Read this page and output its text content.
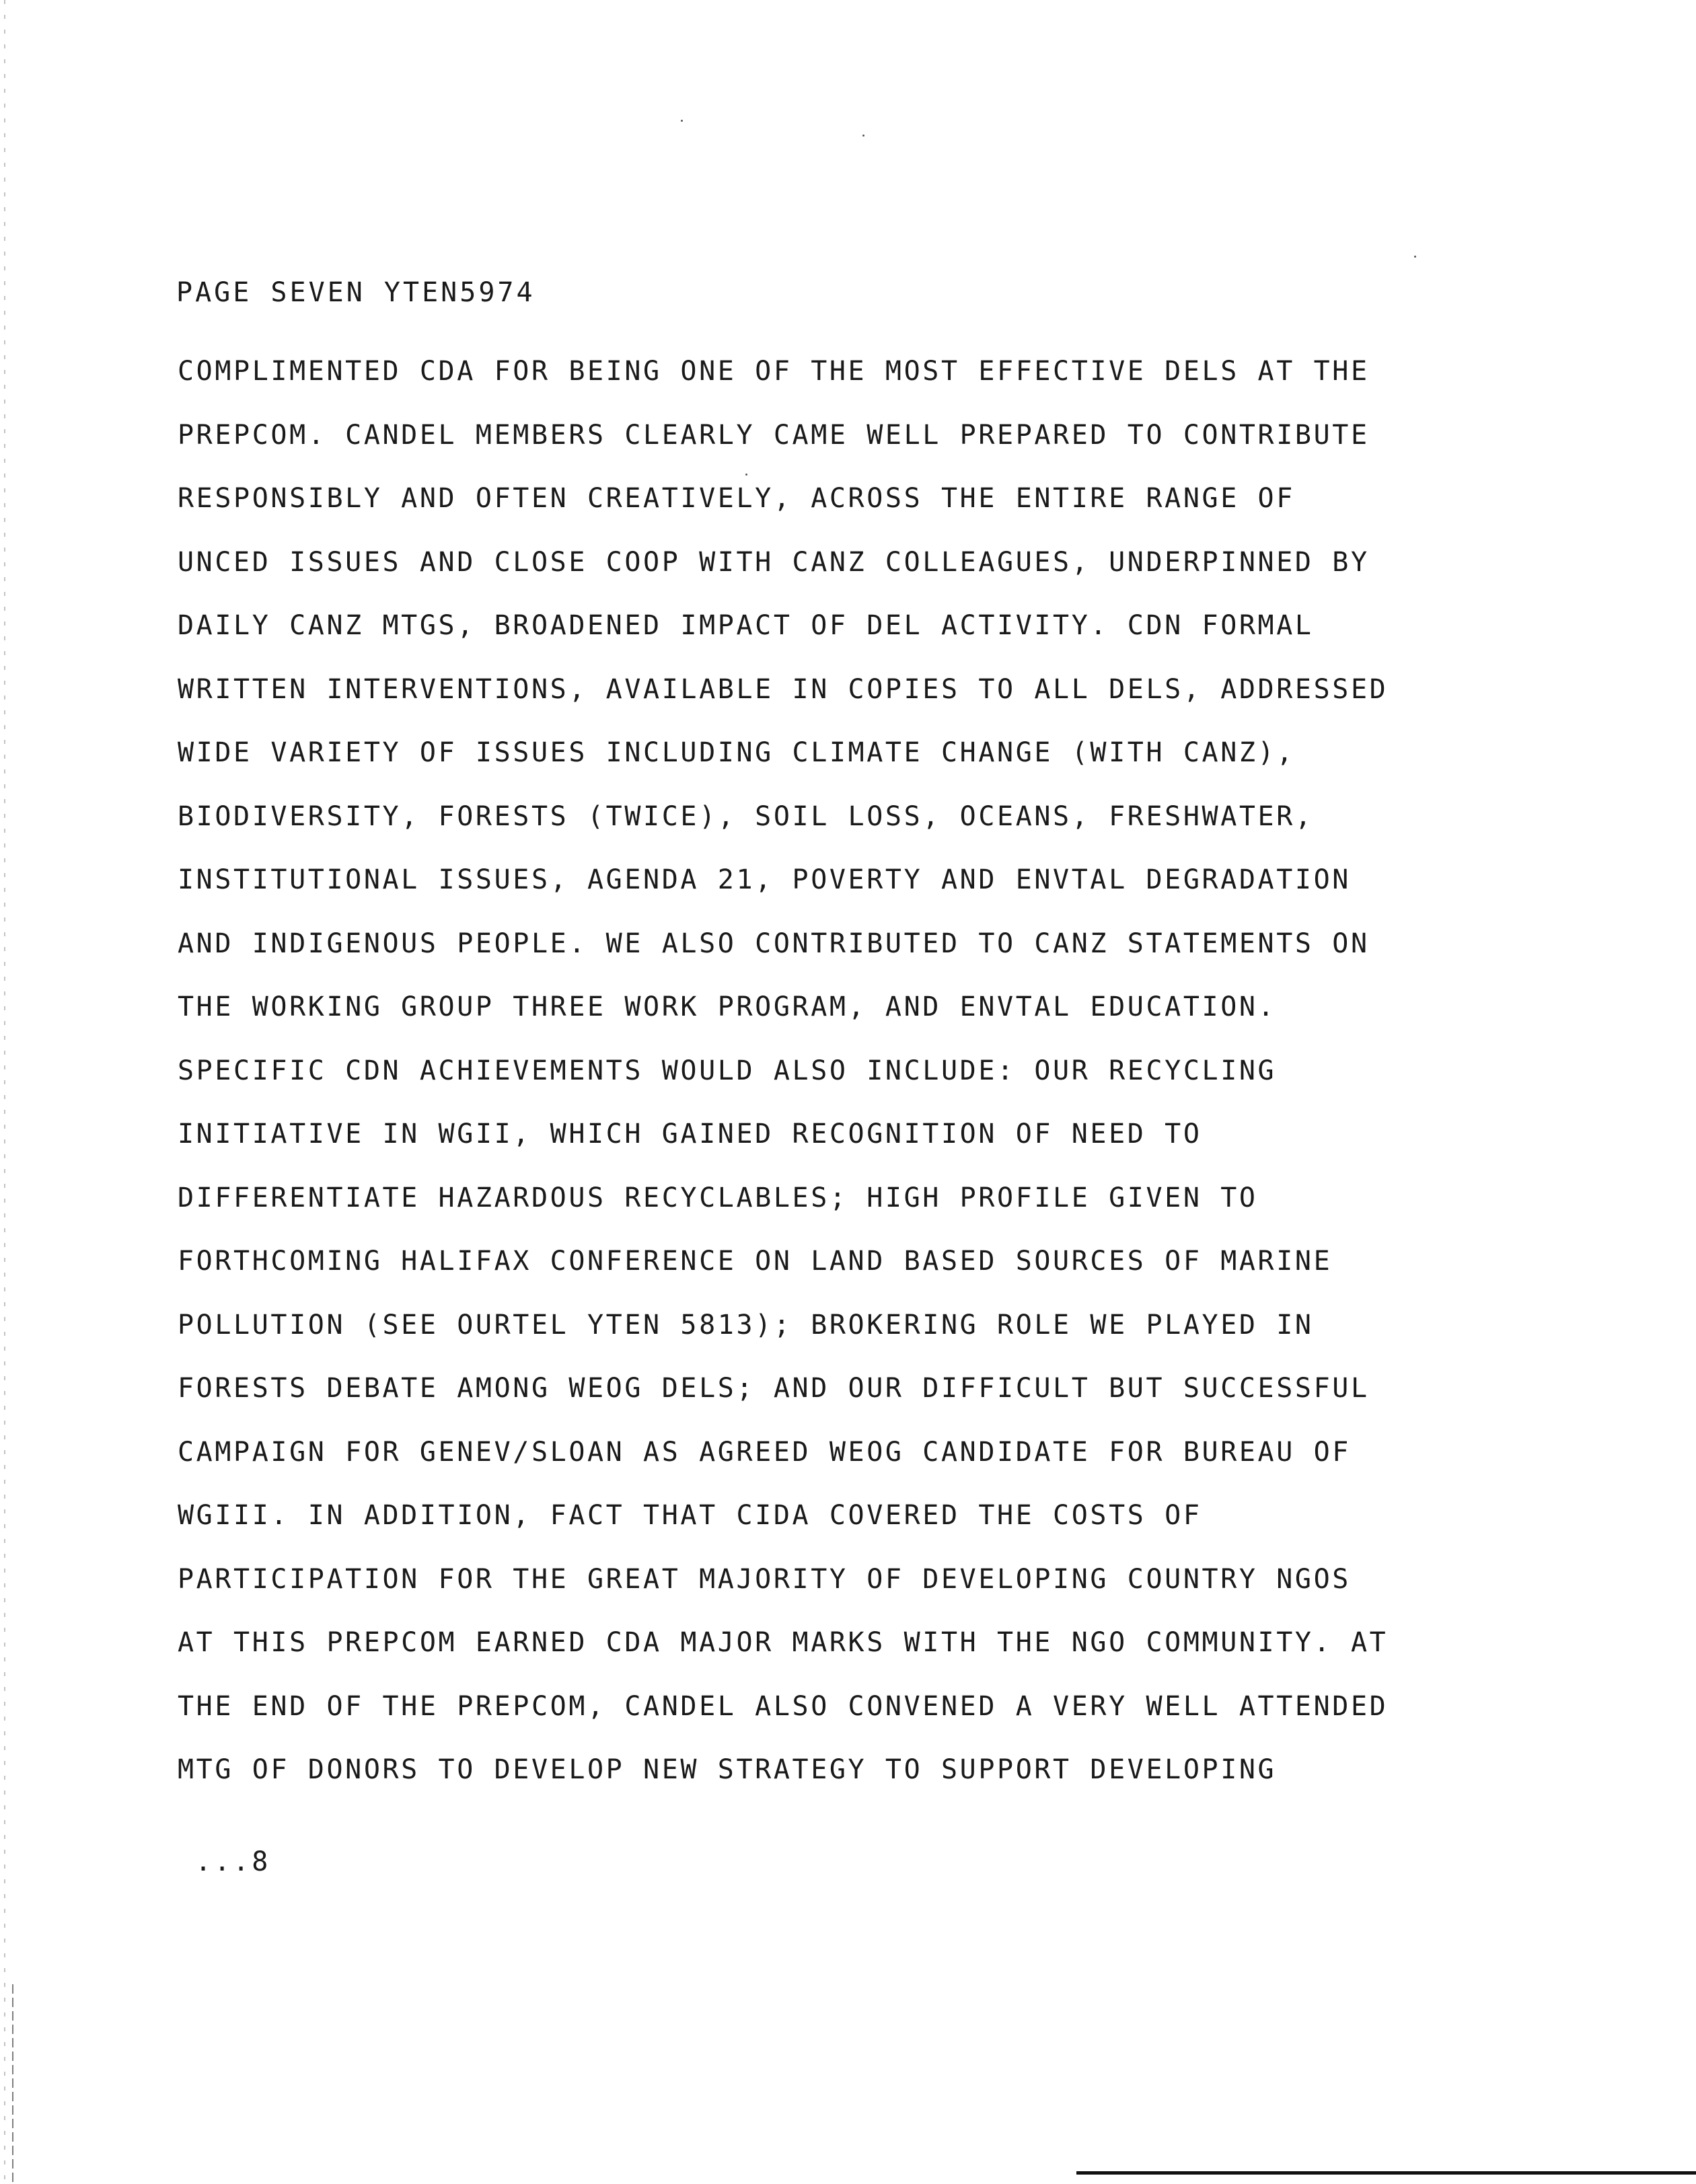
PAGE SEVEN YTEN5974
COMPLIMENTED CDA FOR BEING ONE OF THE MOST EFFECTIVE DELS AT THE
PREPCOM. CANDEL MEMBERS CLEARLY CAME WELL PREPARED TO CONTRIBUTE
RESPONSIBLY AND OFTEN CREATIVELY, ACROSS THE ENTIRE RANGE OF
UNCED ISSUES AND CLOSE COOP WITH CANZ COLLEAGUES, UNDERPINNED BY
DAILY CANZ MTGS, BROADENED IMPACT OF DEL ACTIVITY. CDN FORMAL
WRITTEN INTERVENTIONS, AVAILABLE IN COPIES TO ALL DELS, ADDRESSED
WIDE VARIETY OF ISSUES INCLUDING CLIMATE CHANGE (WITH CANZ),
BIODIVERSITY, FORESTS (TWICE), SOIL LOSS, OCEANS, FRESHWATER,
INSTITUTIONAL ISSUES, AGENDA 21, POVERTY AND ENVTAL DEGRADATION
AND INDIGENOUS PEOPLE. WE ALSO CONTRIBUTED TO CANZ STATEMENTS ON
THE WORKING GROUP THREE WORK PROGRAM, AND ENVTAL EDUCATION.
SPECIFIC CDN ACHIEVEMENTS WOULD ALSO INCLUDE: OUR RECYCLING
INITIATIVE IN WGII, WHICH GAINED RECOGNITION OF NEED TO
DIFFERENTIATE HAZARDOUS RECYCLABLES; HIGH PROFILE GIVEN TO
FORTHCOMING HALIFAX CONFERENCE ON LAND BASED SOURCES OF MARINE
POLLUTION (SEE OURTEL YTEN 5813); BROKERING ROLE WE PLAYED IN
FORESTS DEBATE AMONG WEOG DELS; AND OUR DIFFICULT BUT SUCCESSFUL
CAMPAIGN FOR GENEV/SLOAN AS AGREED WEOG CANDIDATE FOR BUREAU OF
WGIII. IN ADDITION, FACT THAT CIDA COVERED THE COSTS OF
PARTICIPATION FOR THE GREAT MAJORITY OF DEVELOPING COUNTRY NGOS
AT THIS PREPCOM EARNED CDA MAJOR MARKS WITH THE NGO COMMUNITY. AT
THE END OF THE PREPCOM, CANDEL ALSO CONVENED A VERY WELL ATTENDED
MTG OF DONORS TO DEVELOP NEW STRATEGY TO SUPPORT DEVELOPING
...8
